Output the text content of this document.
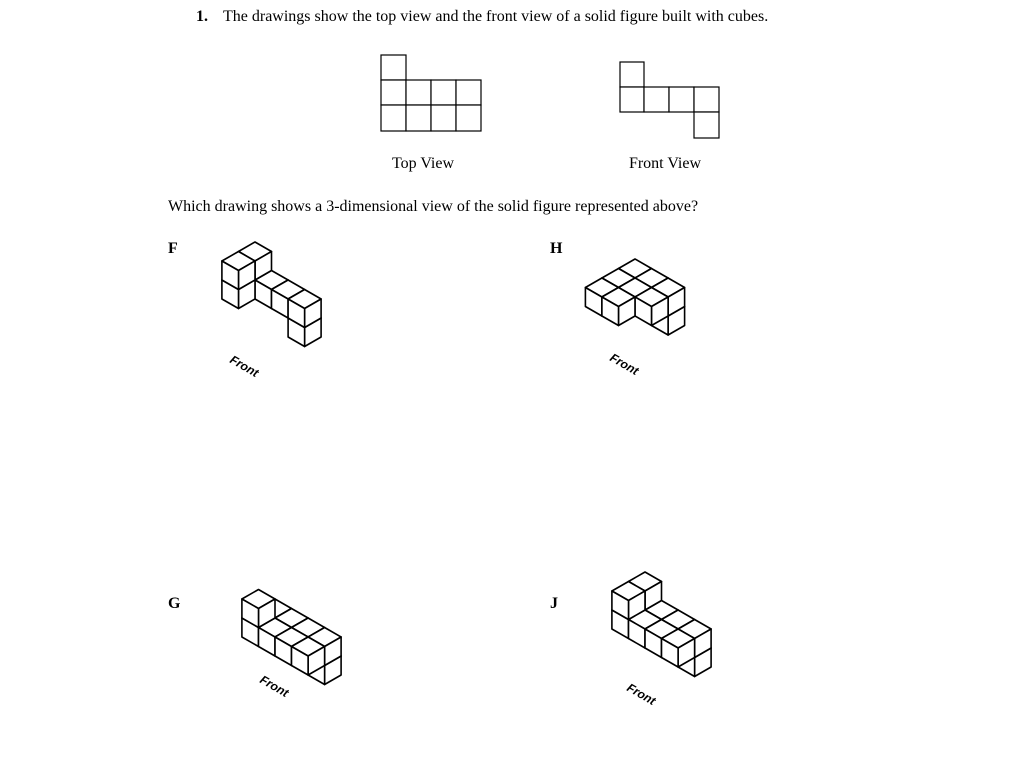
1. The drawings show the top view and the front view of a solid figure built with cubes.
Top View	Front View
Which drawing shows a 3-dimensional view of the solid figure represented above?
F	H
G	J
Front	Front
Front	Front
